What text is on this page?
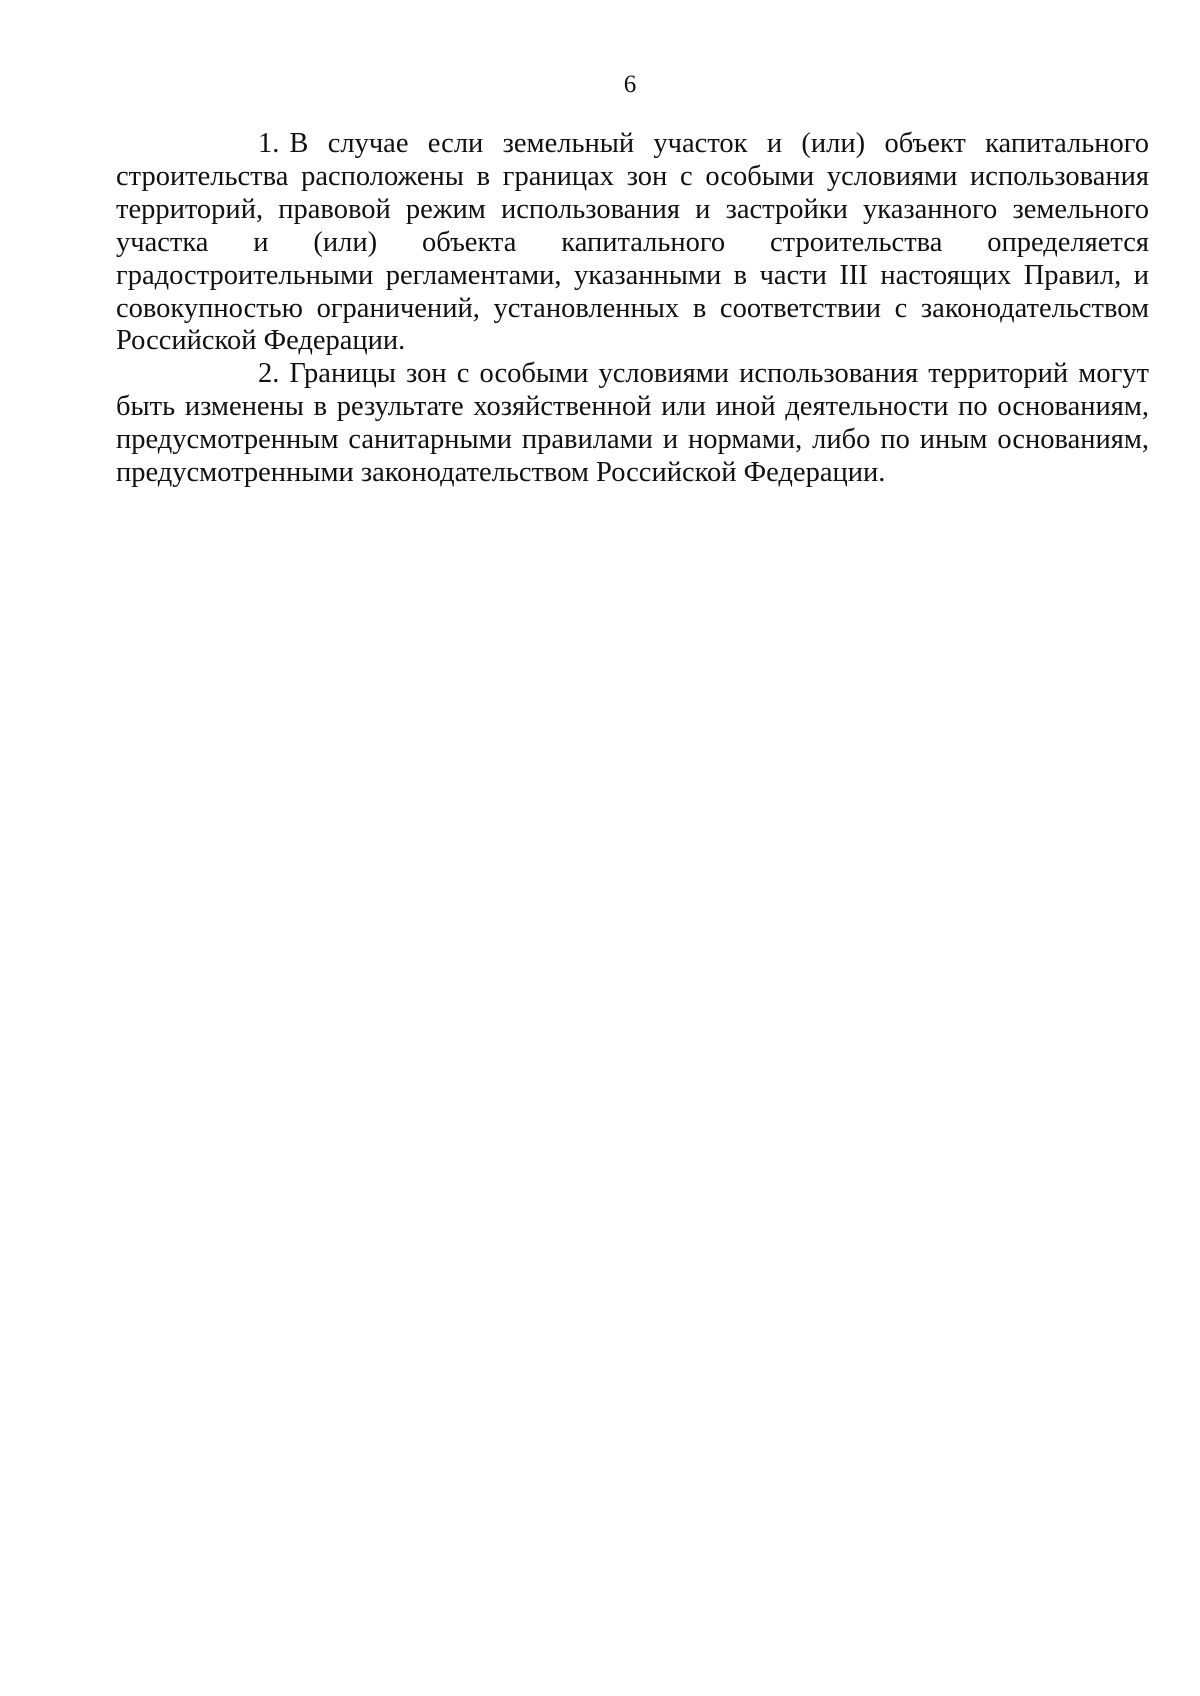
6

1. В случае если земельный участок и (или) объект капитального строительства расположены в границах зон с особыми условиями использования территорий, правовой режим использования и застройки указанного земельного участка и (или) объекта капитального строительства определяется градостроительными регламентами, указанными в части III настоящих Правил, и совокупностью ограничений, установленных в соответствии с законодательством Российской Федерации.

2. Границы зон с особыми условиями использования территорий могут быть изменены в результате хозяйственной или иной деятельности по основаниям, предусмотренным санитарными правилами и нормами, либо по иным основаниям, предусмотренными законодательством Российской Федерации.
